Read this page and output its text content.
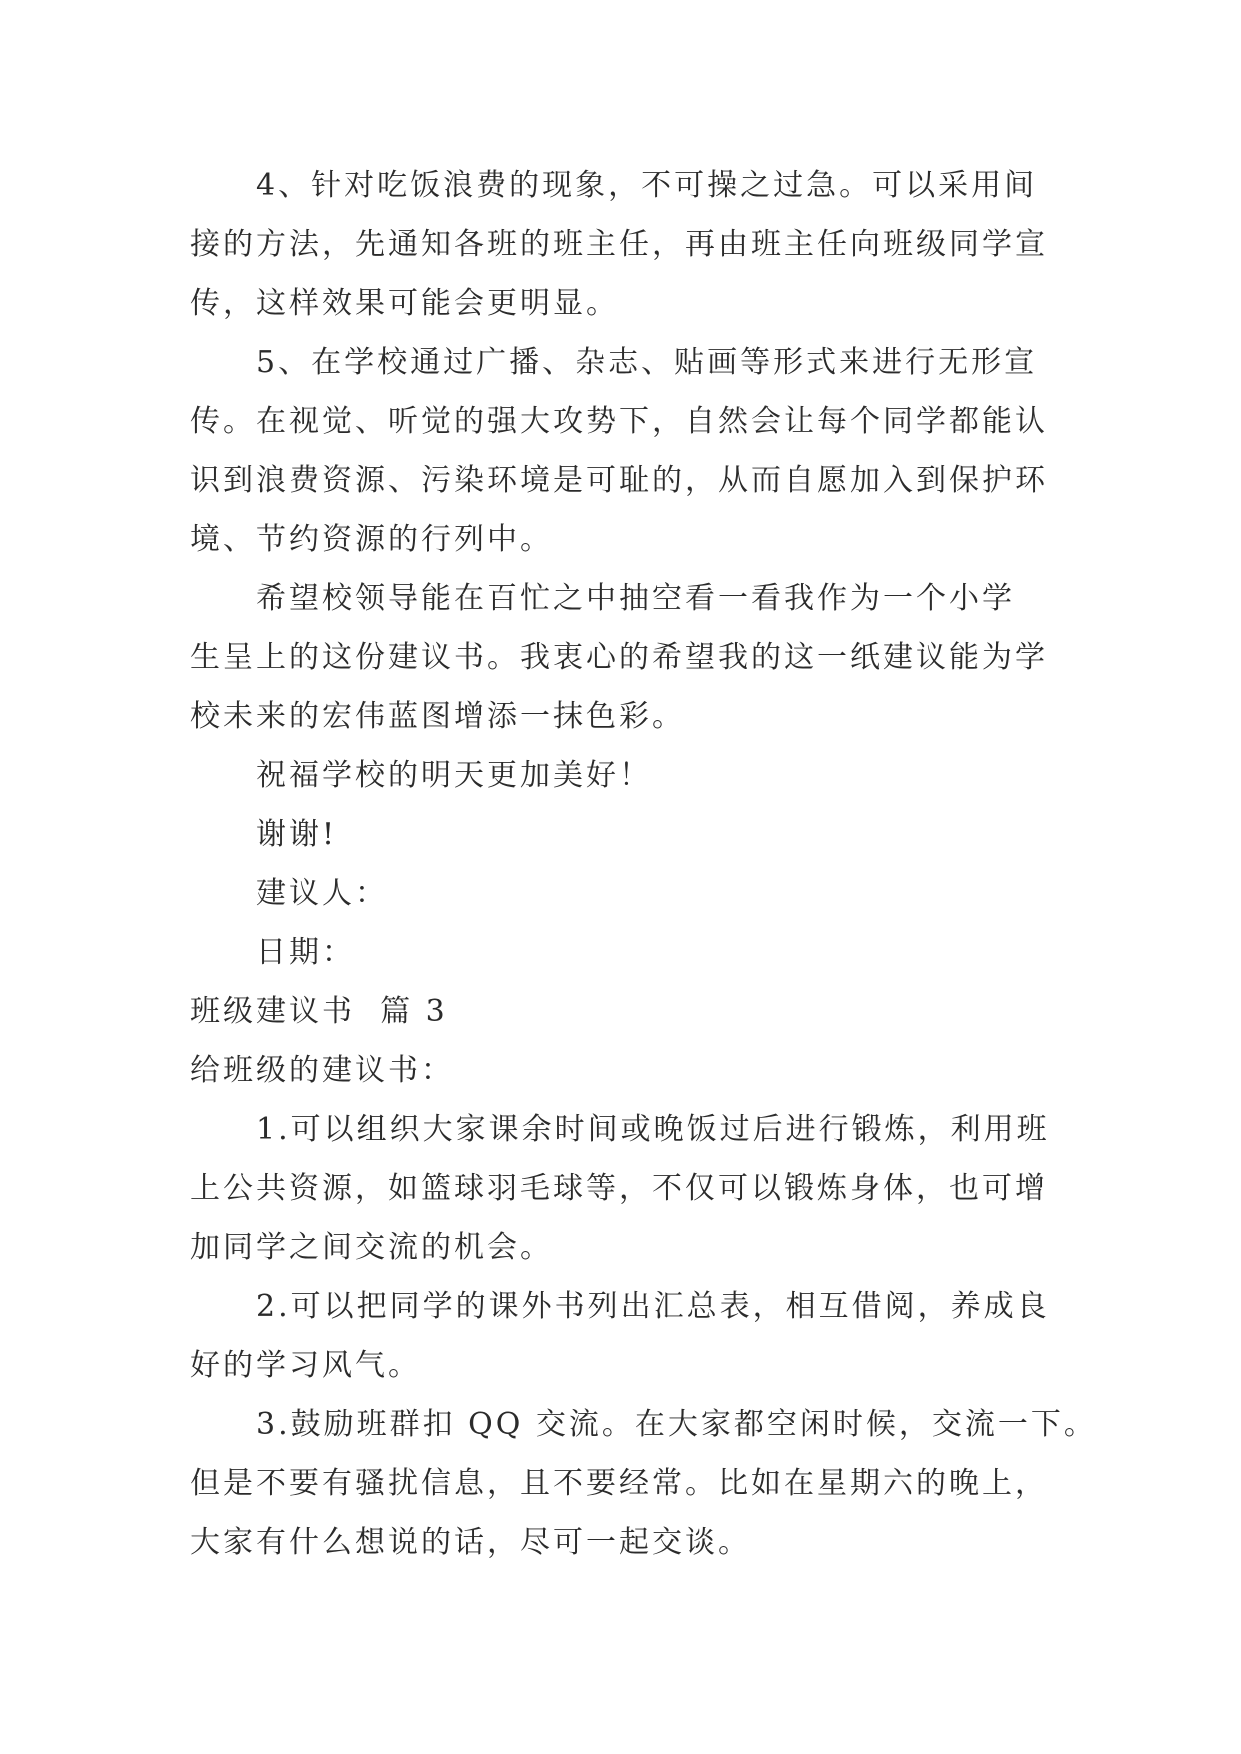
4、针对吃饭浪费的现象，不可操之过急。可以采用间

接的方法，先通知各班的班主任，再由班主任向班级同学宣

传，这样效果可能会更明显。

5、在学校通过广播、杂志、贴画等形式来进行无形宣

传。在视觉、听觉的强大攻势下，自然会让每个同学都能认

识到浪费资源、污染环境是可耻的，从而自愿加入到保护环

境、节约资源的行列中。

希望校领导能在百忙之中抽空看一看我作为一个小学

生呈上的这份建议书。我衷心的希望我的这一纸建议能为学

校未来的宏伟蓝图增添一抹色彩。

祝福学校的明天更加美好！

谢谢!

建议人：

日期：

班级建议书  篇 3

给班级的建议书：

1.可以组织大家课余时间或晚饭过后进行锻炼，利用班

上公共资源，如篮球羽毛球等，不仅可以锻炼身体，也可增

加同学之间交流的机会。

2.可以把同学的课外书列出汇总表，相互借阅，养成良

好的学习风气。

3.鼓励班群扣 QQ 交流。在大家都空闲时候，交流一下。

但是不要有骚扰信息，且不要经常。比如在星期六的晚上，

大家有什么想说的话，尽可一起交谈。
